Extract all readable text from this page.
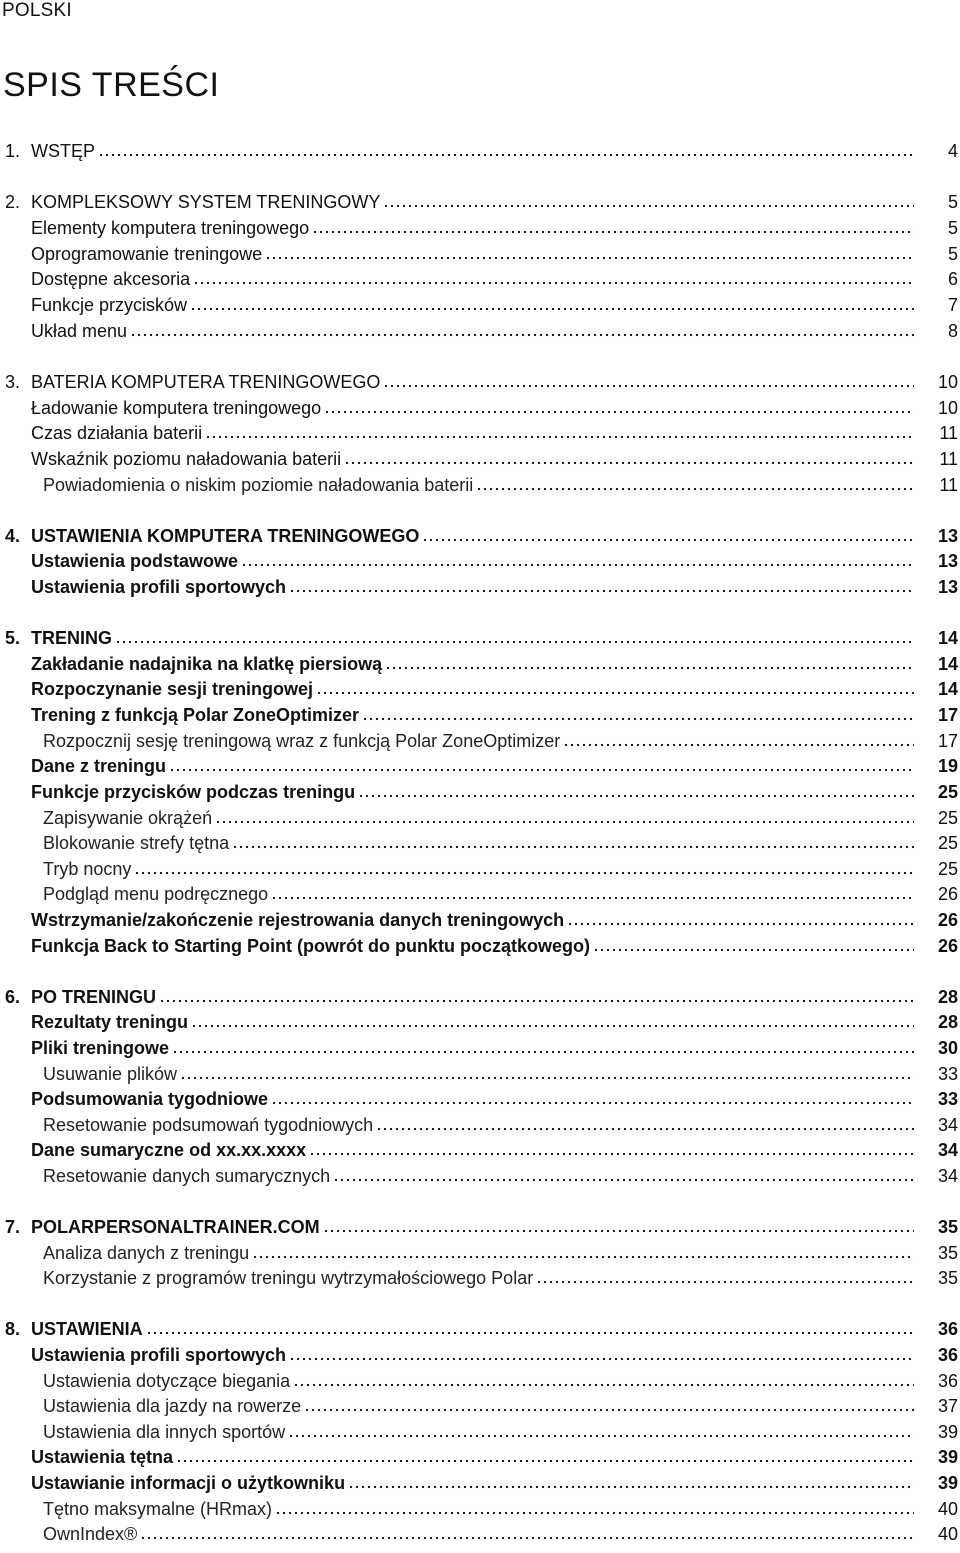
POLSKI
SPIS TREŚCI
1. WSTĘP	4
2. KOMPLEKSOWY SYSTEM TRENINGOWY	5
Elementy komputera treningowego	5
Oprogramowanie treningowe	5
Dostępne akcesoria	6
Funkcje przycisków	7
Układ menu	8
3. BATERIA KOMPUTERA TRENINGOWEGO	10
Ładowanie komputera treningowego	10
Czas działania baterii	11
Wskaźnik poziomu naładowania baterii	11
Powiadomienia o niskim poziomie naładowania baterii	11
4. USTAWIENIA KOMPUTERA TRENINGOWEGO	13
Ustawienia podstawowe	13
Ustawienia profili sportowych	13
5. TRENING	14
Zakładanie nadajnika na klatkę piersiową	14
Rozpoczynanie sesji treningowej	14
Trening z funkcją Polar ZoneOptimizer	17
Rozpocznij sesję treningową wraz z funkcją Polar ZoneOptimizer	17
Dane z treningu	19
Funkcje przycisków podczas treningu	25
Zapisywanie okrążeń	25
Blokowanie strefy tętna	25
Tryb nocny	25
Podgląd menu podręcznego	26
Wstrzymanie/zakończenie rejestrowania danych treningowych	26
Funkcja Back to Starting Point (powrót do punktu początkowego)	26
6. PO TRENINGU	28
Rezultaty treningu	28
Pliki treningowe	30
Usuwanie plików	33
Podsumowania tygodniowe	33
Resetowanie podsumowań tygodniowych	34
Dane sumaryczne od xx.xx.xxxx	34
Resetowanie danych sumarycznych	34
7. POLARPERSONALTRAINER.COM	35
Analiza danych z treningu	35
Korzystanie z programów treningu wytrzymałościowego Polar	35
8. USTAWIENIA	36
Ustawienia profili sportowych	36
Ustawienia dotyczące biegania	36
Ustawienia dla jazdy na rowerze	37
Ustawienia dla innych sportów	39
Ustawienia tętna	39
Ustawianie informacji o użytkowniku	39
Tętno maksymalne (HRmax)	40
OwnIndex®	40
